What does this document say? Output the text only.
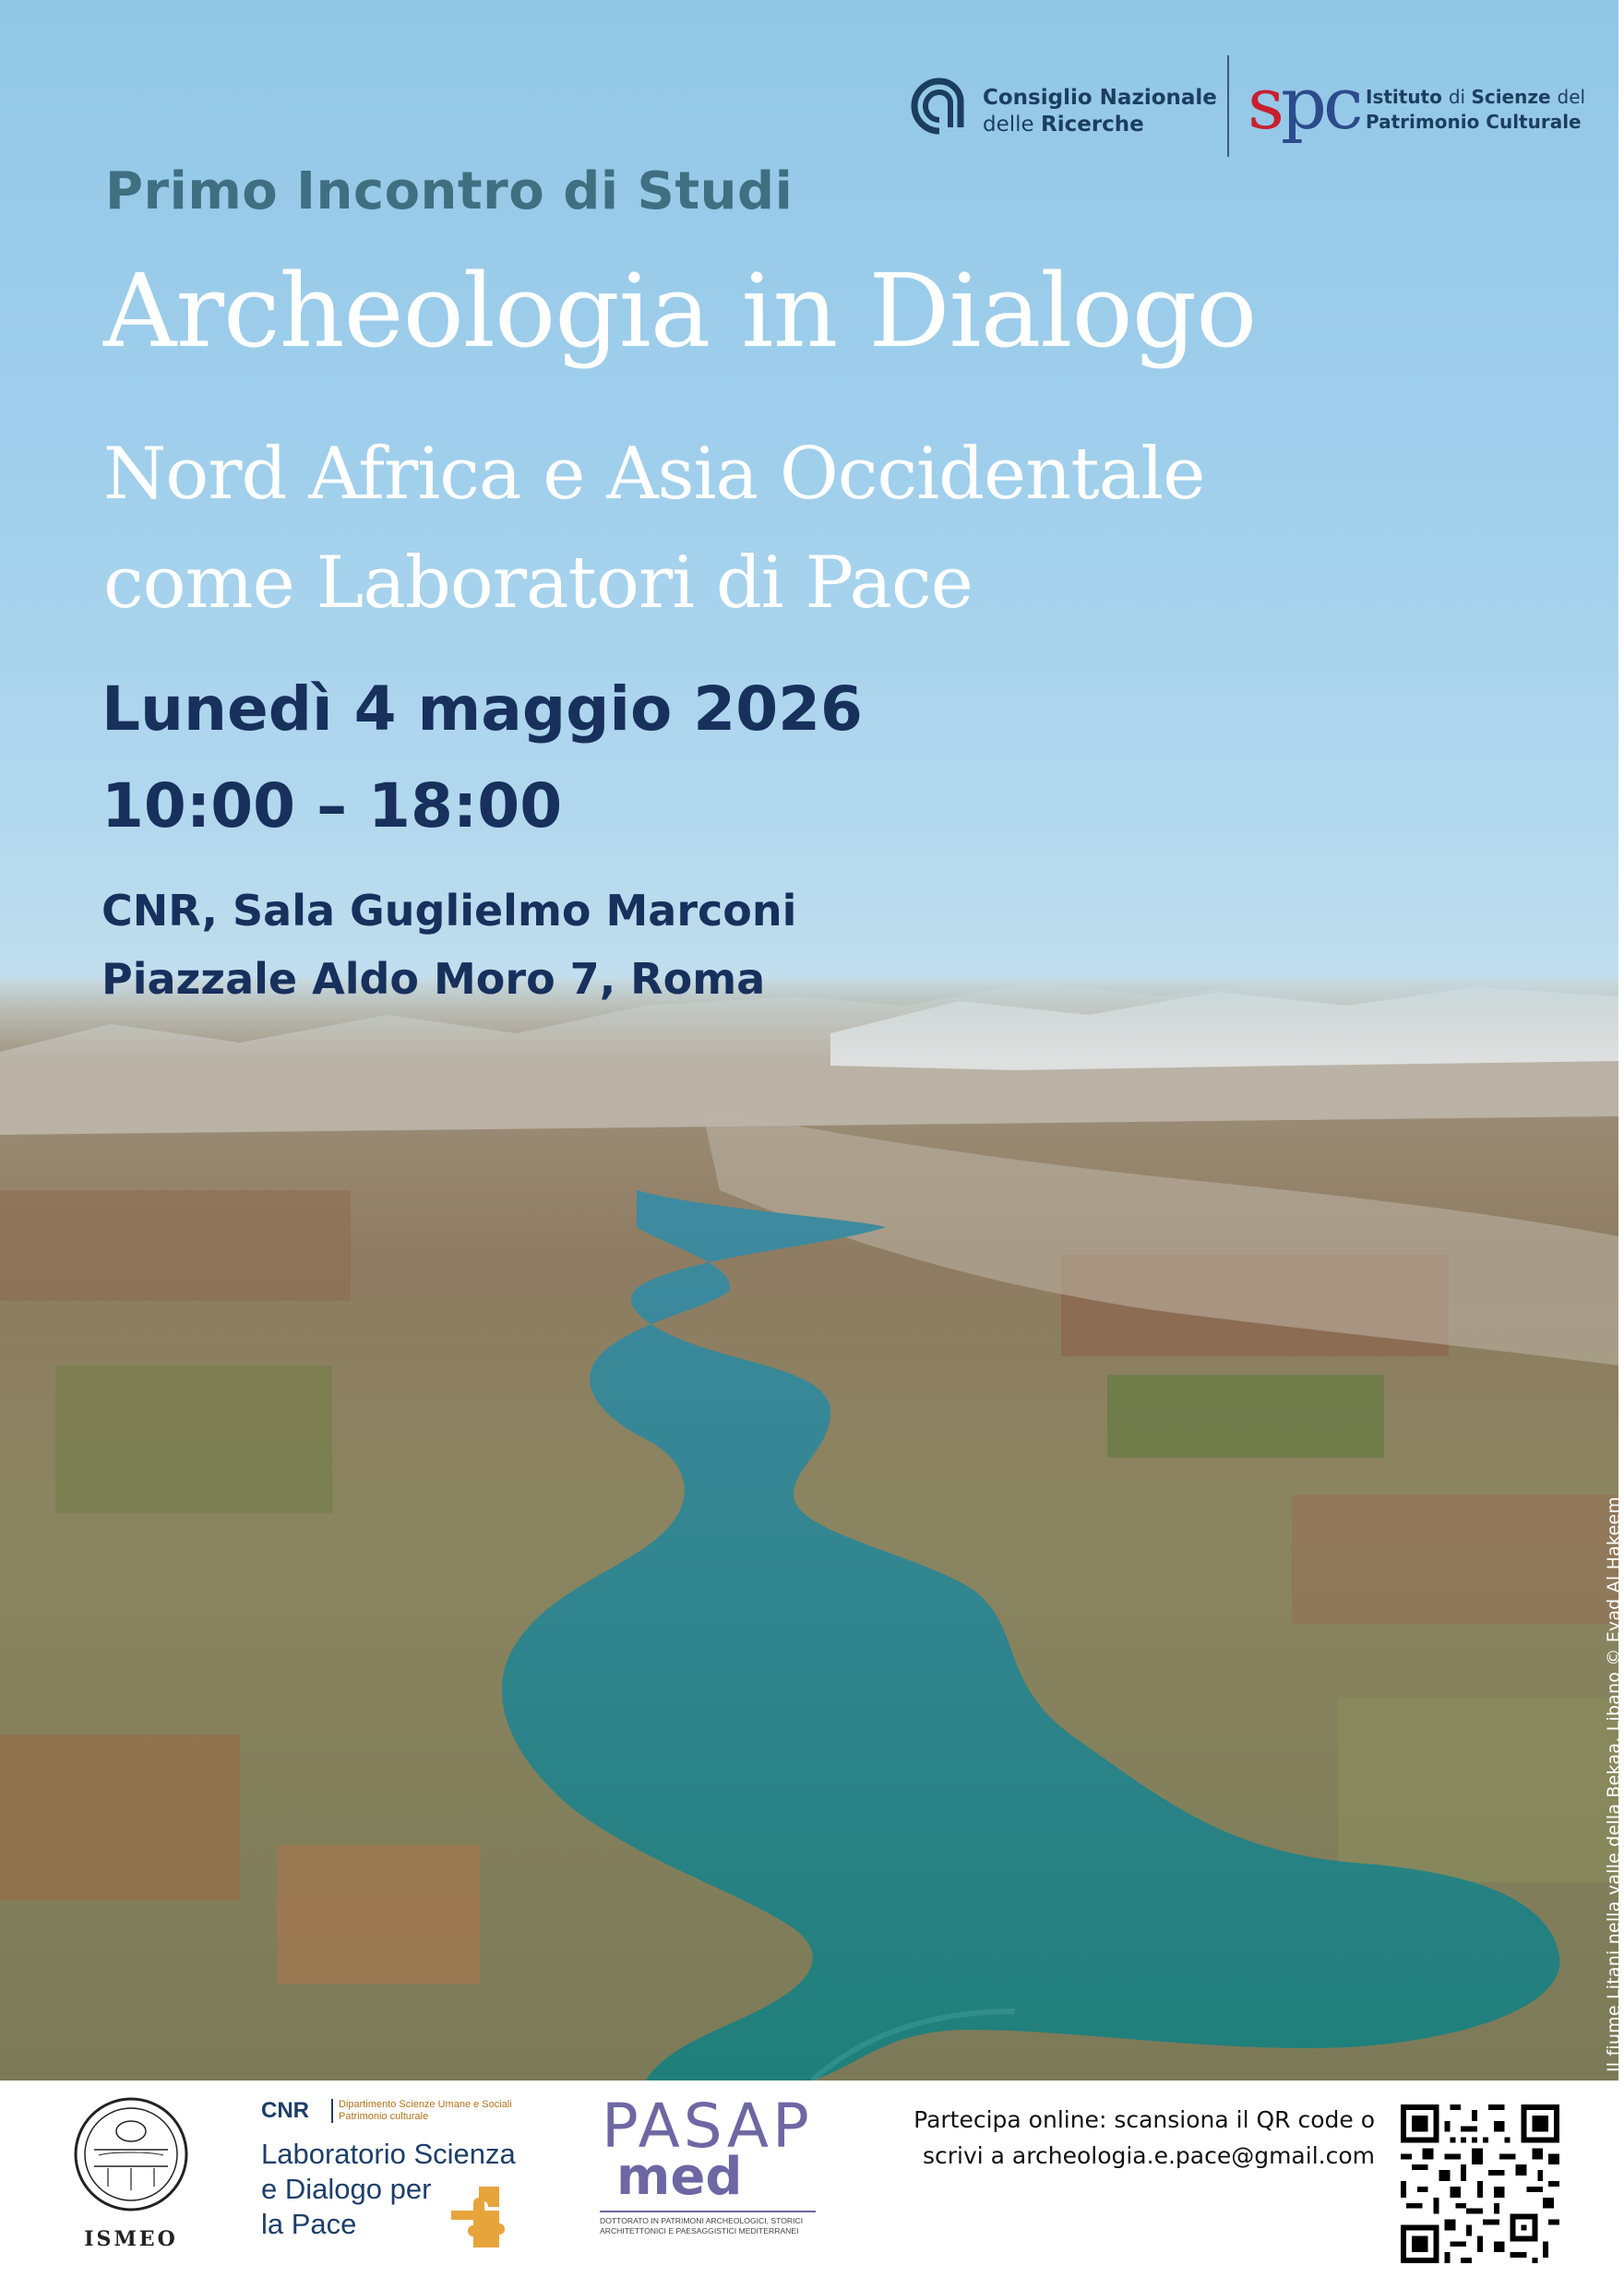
Il fiume Litani nella valle della Bekaa, Libano © Eyad Al Hakeem
Consiglio Nazionale
delle Ricerche	spc Istituto di Scienze del
Patrimonio Culturale
Primo Incontro di Studi
Archeologia in Dialogo
Nord Africa e Asia Occidentale
come Laboratori di Pace
Lunedì 4 maggio 2026
10:00 – 18:00
CNR, Sala Guglielmo Marconi
Piazzale Aldo Moro 7, Roma
ISMEO
CNR	Dipartimento Scienze Umane e Sociali Patrimonio culturale
Laboratorio Scienza
e Dialogo per
la Pace
PASAP
med
DOTTORATO IN PATRIMONI ARCHEOLOGICI, STORICI ARCHITETTONICI E PAESAGGISTICI MEDITERRANEI
Partecipa online: scansiona il QR code o
scrivi a archeologia.e.pace@gmail.com
